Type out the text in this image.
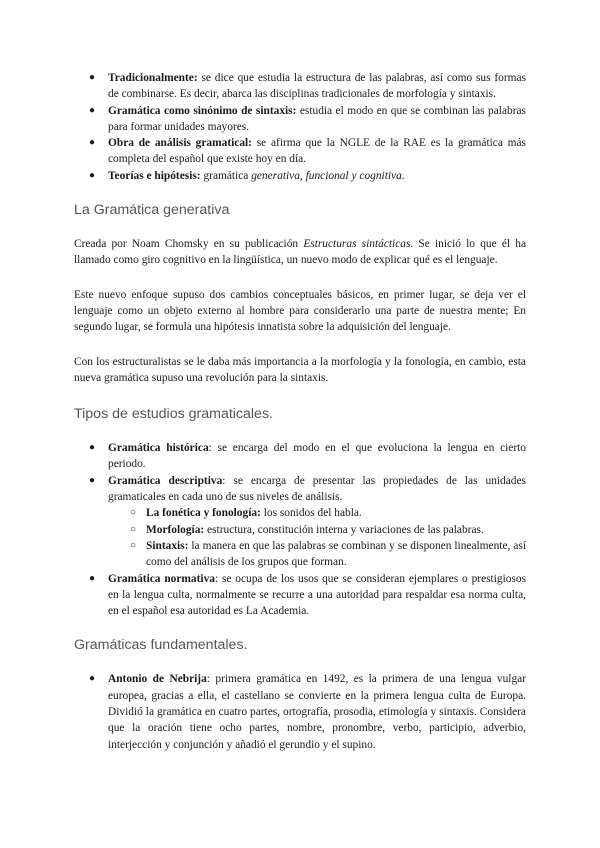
● Tradicionalmente: se dice que estudia la estructura de las palabras, así como sus formas de combinarse. Es decir, abarca las disciplinas tradicionales de morfología y sintaxis.
● Gramática como sinónimo de sintaxis: estudia el modo en que se combinan las palabras para formar unidades mayores.
● Obra de análisis gramatical: se afirma que la NGLE de la RAE es la gramática más completa del español que existe hoy en día.
● Teorías e hipótesis: gramática generativa, funcional y cognitiva.
La Gramática generativa

Creada por Noam Chomsky en su publicación Estructuras sintácticas. Se inició lo que él ha llamado como giro cognitivo en la lingüística, un nuevo modo de explicar qué es el lenguaje.

Este nuevo enfoque supuso dos cambios conceptuales básicos, en primer lugar, se deja ver el lenguaje como un objeto externo al hombre para considerarlo una parte de nuestra mente; En segundo lugar, se formula una hipótesis innatista sobre la adquisición del lenguaje.

Con los estructuralistas se le daba más importancia a la morfología y la fonología, en cambio, esta nueva gramática supuso una revolución para la sintaxis.

Tipos de estudios gramaticales.
● Gramática histórica: se encarga del modo en el que evoluciona la lengua en cierto periodo.
● Gramática descriptiva: se encarga de presentar las propiedades de las unidades gramaticales en cada uno de sus niveles de análisis.
○ La fonética y fonología: los sonidos del habla.
○ Morfología: estructura, constitución interna y variaciones de las palabras.
○ Sintaxis: la manera en que las palabras se combinan y se disponen linealmente, así como del análisis de los grupos que forman.
● Gramática normativa: se ocupa de los usos que se consideran ejemplares o prestigiosos en la lengua culta, normalmente se recurre a una autoridad para respaldar esa norma culta, en el español esa autoridad es La Academia.
Gramáticas fundamentales.
● Antonio de Nebrija: primera gramática en 1492, es la primera de una lengua vulgar europea, gracias a ella, el castellano se convierte en la primera lengua culta de Europa. Dividió la gramática en cuatro partes, ortografía, prosodia, etimología y sintaxis. Considera que la oración tiene ocho partes, nombre, pronombre, verbo, participio, adverbio, interjección y conjunción y añadió el gerundio y el supino.
